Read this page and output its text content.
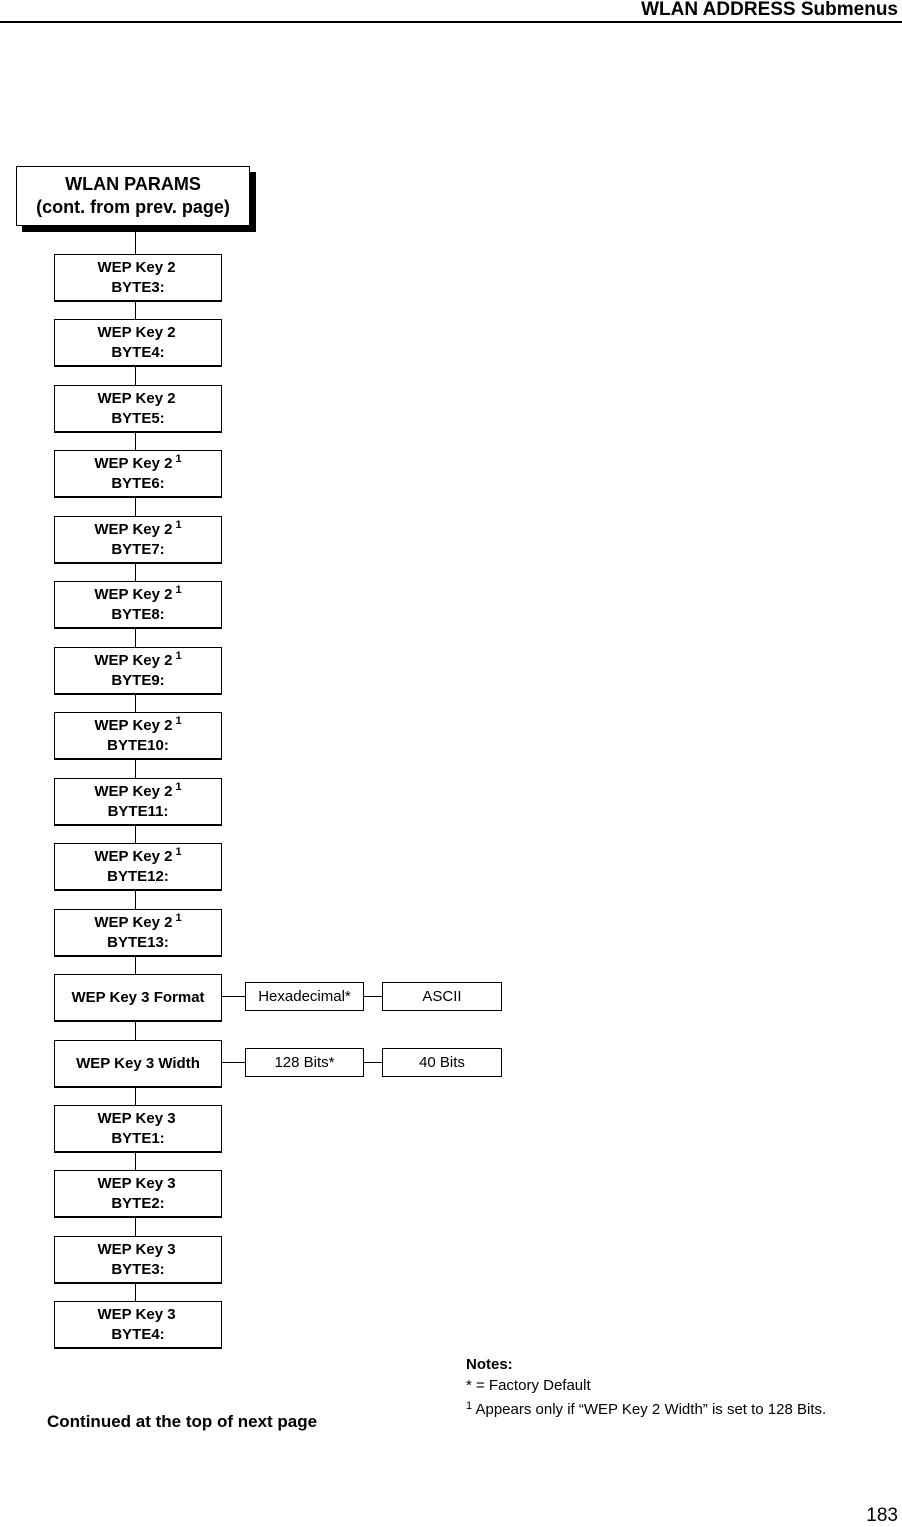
WLAN ADDRESS Submenus
WLAN PARAMS
(cont. from prev. page)
WEP Key 2
BYTE3:
WEP Key 2
BYTE4:
WEP Key 2
BYTE5:
WEP Key 2 $^1$
BYTE6:
WEP Key 2 $^1$
BYTE7:
WEP Key 2 $^1$
BYTE8:
WEP Key 2 $^1$
BYTE9:
WEP Key 2 $^1$
BYTE10:
WEP Key 2 $^1$
BYTE11:
WEP Key 2 $^1$
BYTE12:
WEP Key 2 $^1$
BYTE13:
WEP Key 3 Format	Hexadecimal*	ASCII
WEP Key 3 Width	128 Bits*	40 Bits
WEP Key 3
BYTE1:
WEP Key 3
BYTE2:
WEP Key 3
BYTE3:
WEP Key 3
BYTE4:
Notes:
* = Factory Default
$^1$ Appears only if “WEP Key 2 Width” is set to 128 Bits.
Continued at the top of next page
183
